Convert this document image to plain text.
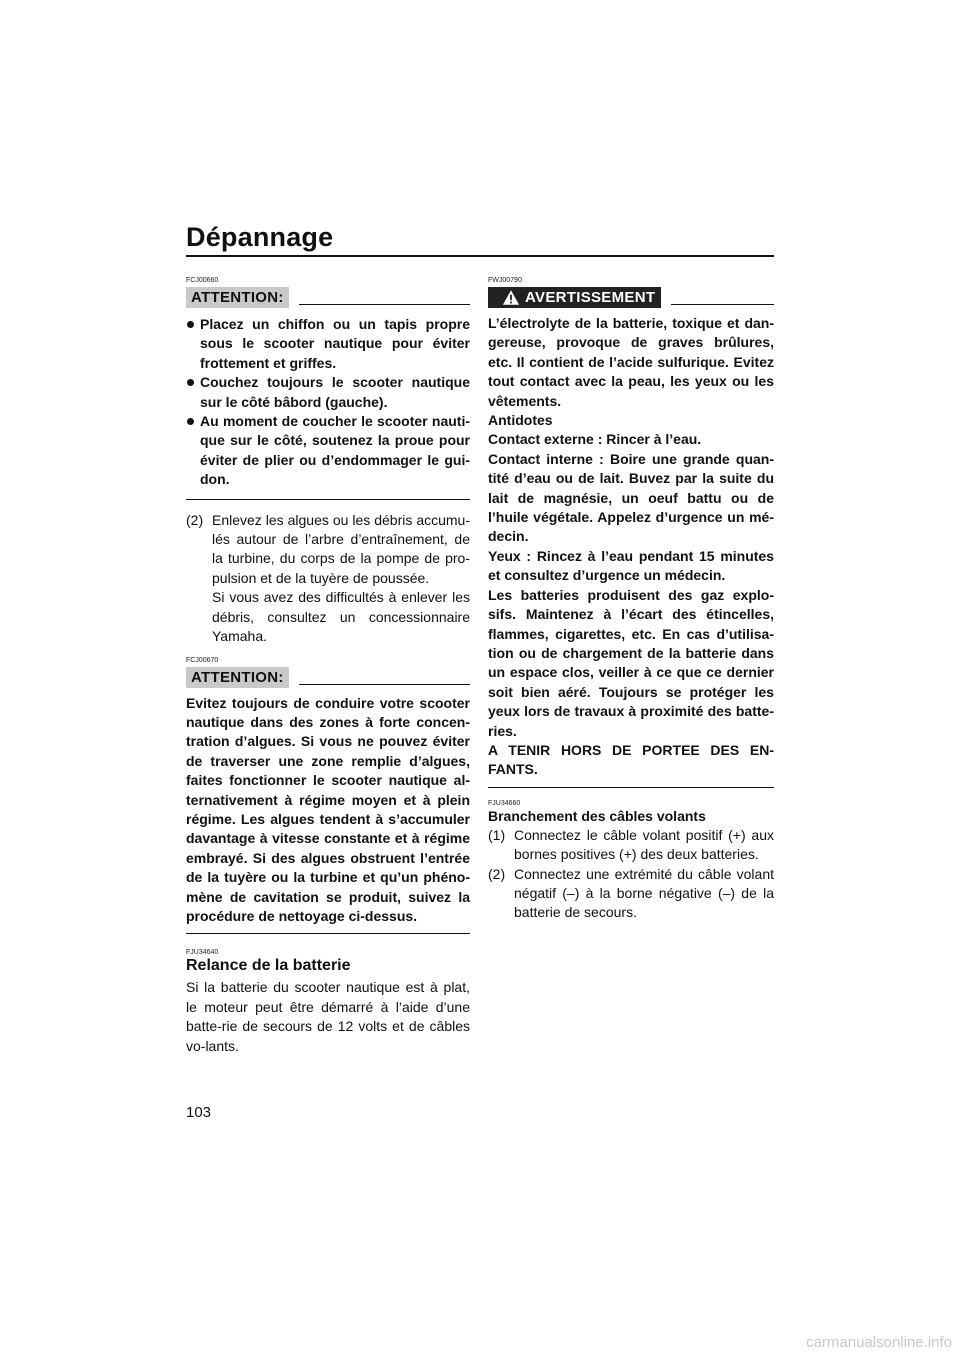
Dépannage
FCJ00660
ATTENTION:
Placez un chiffon ou un tapis propre sous le scooter nautique pour éviter frottement et griffes.
Couchez toujours le scooter nautique sur le côté bâbord (gauche).
Au moment de coucher le scooter nauti-que sur le côté, soutenez la proue pour éviter de plier ou d’endommager le gui-don.
(2) Enlevez les algues ou les débris accumu-lés autour de l’arbre d’entraînement, de la turbine, du corps de la pompe de pro-pulsion et de la tuyère de poussée.
Si vous avez des difficultés à enlever les débris, consultez un concessionnaire Yamaha.
FCJ00670
ATTENTION:
Evitez toujours de conduire votre scooter nautique dans des zones à forte concen-tration d’algues. Si vous ne pouvez éviter de traverser une zone remplie d’algues, faites fonctionner le scooter nautique al-ternativement à régime moyen et à plein régime. Les algues tendent à s’accumuler davantage à vitesse constante et à régime embrayé. Si des algues obstruent l’entrée de la tuyère ou la turbine et qu’un phéno-mène de cavitation se produit, suivez la procédure de nettoyage ci-dessus.
FJU34640
Relance de la batterie
Si la batterie du scooter nautique est à plat, le moteur peut être démarré à l’aide d’une batte-rie de secours de 12 volts et de câbles vo-lants.
FWJ00790
AVERTISSEMENT
L’électrolyte de la batterie, toxique et dan-gereuse, provoque de graves brûlures, etc. Il contient de l’acide sulfurique. Evitez tout contact avec la peau, les yeux ou les vêtements.
Antidotes
Contact externe : Rincer à l’eau.
Contact interne : Boire une grande quan-tité d’eau ou de lait. Buvez par la suite du lait de magnésie, un oeuf battu ou de l’huile végétale. Appelez d’urgence un mé-decin.
Yeux : Rincez à l’eau pendant 15 minutes et consultez d’urgence un médecin.
Les batteries produisent des gaz explo-sifs. Maintenez à l’écart des étincelles, flammes, cigarettes, etc. En cas d’utilisa-tion ou de chargement de la batterie dans un espace clos, veiller à ce que ce dernier soit bien aéré. Toujours se protéger les yeux lors de travaux à proximité des batte-ries.
A TENIR HORS DE PORTEE DES EN-FANTS.
FJU34660
Branchement des câbles volants
(1) Connectez le câble volant positif (+) aux bornes positives (+) des deux batteries.
(2) Connectez une extrémité du câble volant négatif (–) à la borne négative (–) de la batterie de secours.
103
carmanualsonline.info
